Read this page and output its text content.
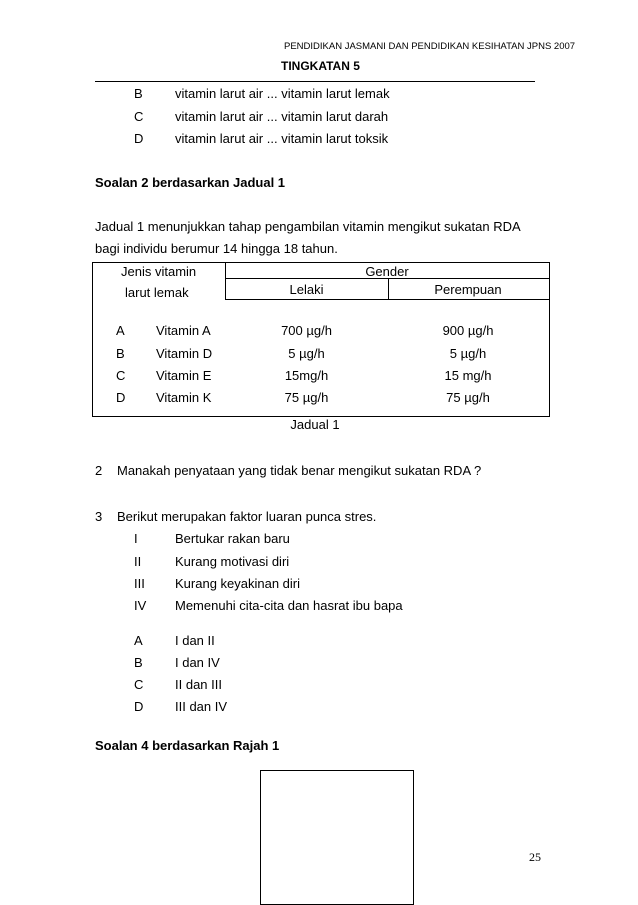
PENDIDIKAN JASMANI DAN PENDIDIKAN KESIHATAN JPNS 2007
TINGKATAN 5
B vitamin larut air ... vitamin larut lemak
C vitamin larut air ... vitamin larut darah
D vitamin larut air ... vitamin larut toksik
Soalan 2 berdasarkan Jadual 1
Jadual 1 menunjukkan tahap pengambilan vitamin mengikut sukatan RDA
bagi individu berumur 14 hingga 18 tahun.
Jenis vitamin
larut lemak
Gender
Lelaki	Perempuan
A Vitamin A	700 µg/h	900 µg/h
B Vitamin D	5 µg/h	5 µg/h
C Vitamin E	15mg/h	15 mg/h
D Vitamin K	75 µg/h	75 µg/h
Jadual 1
2 Manakah penyataan yang tidak benar mengikut sukatan RDA ?
3 Berikut merupakan faktor luaran punca stres.
I	Bertukar rakan baru
II	Kurang motivasi diri
III Kurang keyakinan diri
IV Memenuhi cita-cita dan hasrat ibu bapa
A I dan II
B I dan IV
C II dan III
D III dan IV
Soalan 4 berdasarkan Rajah 1
25
